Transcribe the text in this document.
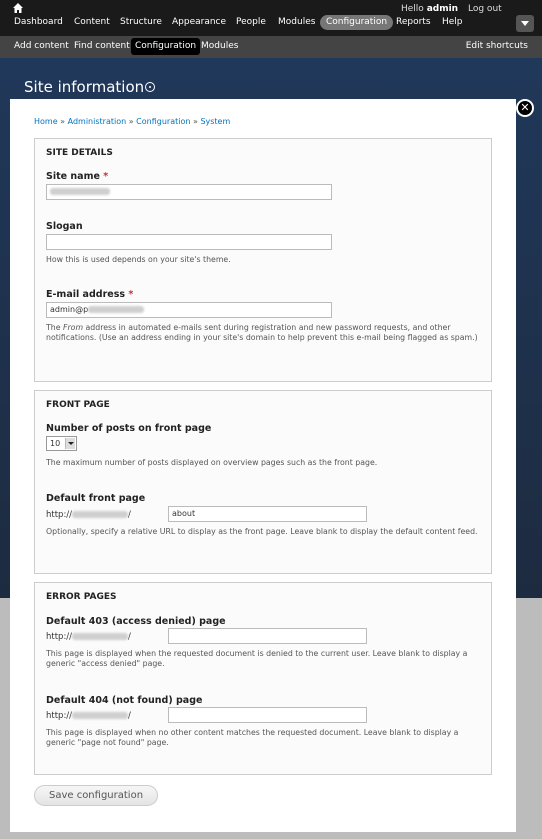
Hello admin Log out
Dashboard Content Structure Appearance People Modules	Configuration Reports Help
Add content Find content Configuration Modules	Edit shortcuts
Site information
✕
Home » Administration » Configuration » System
SITE DETAILS
Site name *
Slogan
How this is used depends on your site's theme.
E-mail address *
admin@p
The From address in automated e-mails sent during registration and new password requests, and other notifications. (Use an address ending in your site's domain to help prevent this e-mail being flagged as spam.)
FRONT PAGE
Number of posts on front page
10
The maximum number of posts displayed on overview pages such as the front page.
Default front page
http://	/	about
Optionally, specify a relative URL to display as the front page. Leave blank to display the default content feed.
ERROR PAGES
Default 403 (access denied) page
http://	/
This page is displayed when the requested document is denied to the current user. Leave blank to display a generic "access denied" page.
Default 404 (not found) page
http://	/
This page is displayed when no other content matches the requested document. Leave blank to display a generic "page not found" page.
Save configuration
